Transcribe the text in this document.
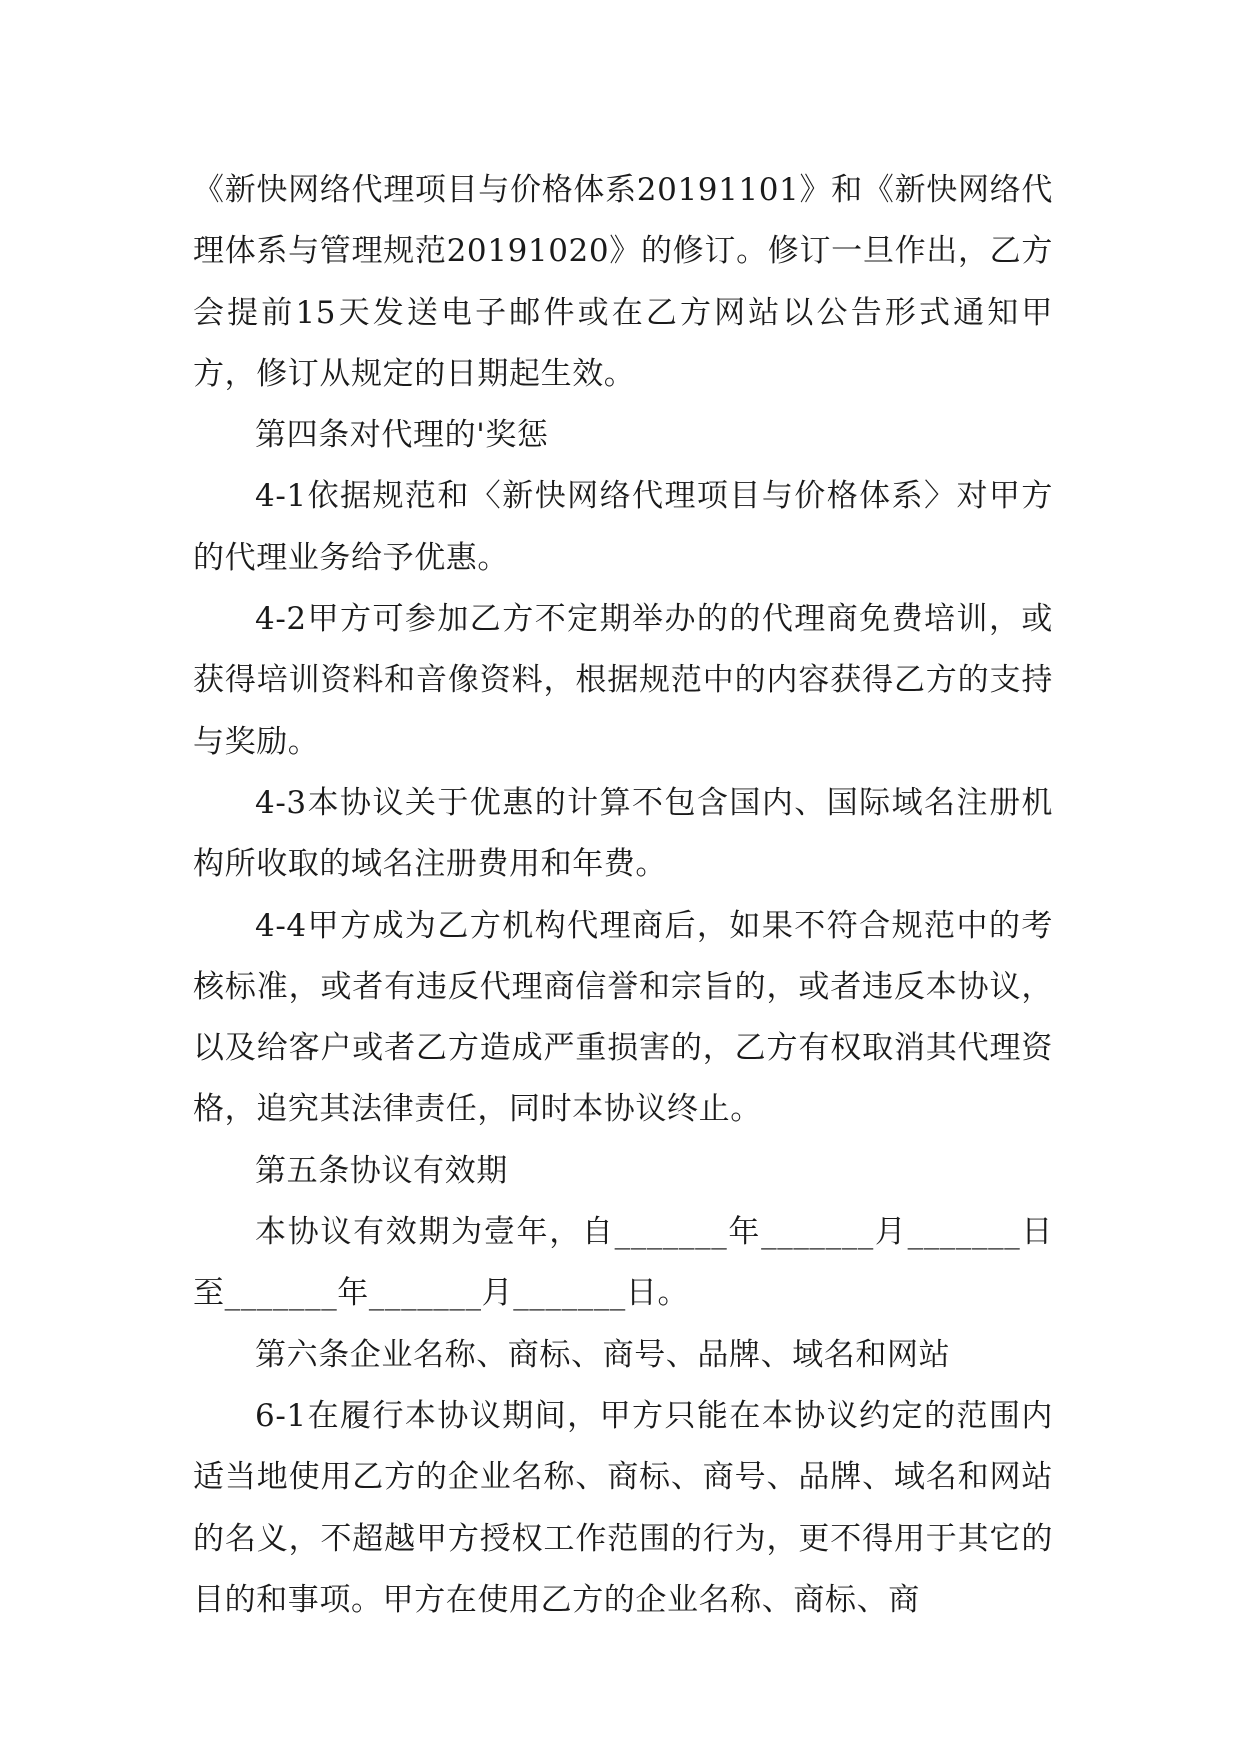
《新快网络代理项目与价格体系20191101》和《新快网络代理体系与管理规范20191020》的修订。修订一旦作出，乙方会提前15天发送电子邮件或在乙方网站以公告形式通知甲方，修订从规定的日期起生效。

第四条对代理的'奖惩

4-1依据规范和〈新快网络代理项目与价格体系〉对甲方的代理业务给予优惠。

4-2甲方可参加乙方不定期举办的的代理商免费培训，或获得培训资料和音像资料，根据规范中的内容获得乙方的支持与奖励。

4-3本协议关于优惠的计算不包含国内、国际域名注册机构所收取的域名注册费用和年费。

4-4甲方成为乙方机构代理商后，如果不符合规范中的考核标准，或者有违反代理商信誉和宗旨的，或者违反本协议，以及给客户或者乙方造成严重损害的，乙方有权取消其代理资格，追究其法律责任，同时本协议终止。

第五条协议有效期

本协议有效期为壹年，自_______年_______月_______日至_______年_______月_______日。

第六条企业名称、商标、商号、品牌、域名和网站

6-1在履行本协议期间，甲方只能在本协议约定的范围内适当地使用乙方的企业名称、商标、商号、品牌、域名和网站的名义，不超越甲方授权工作范围的行为，更不得用于其它的目的和事项。甲方在使用乙方的企业名称、商标、商
